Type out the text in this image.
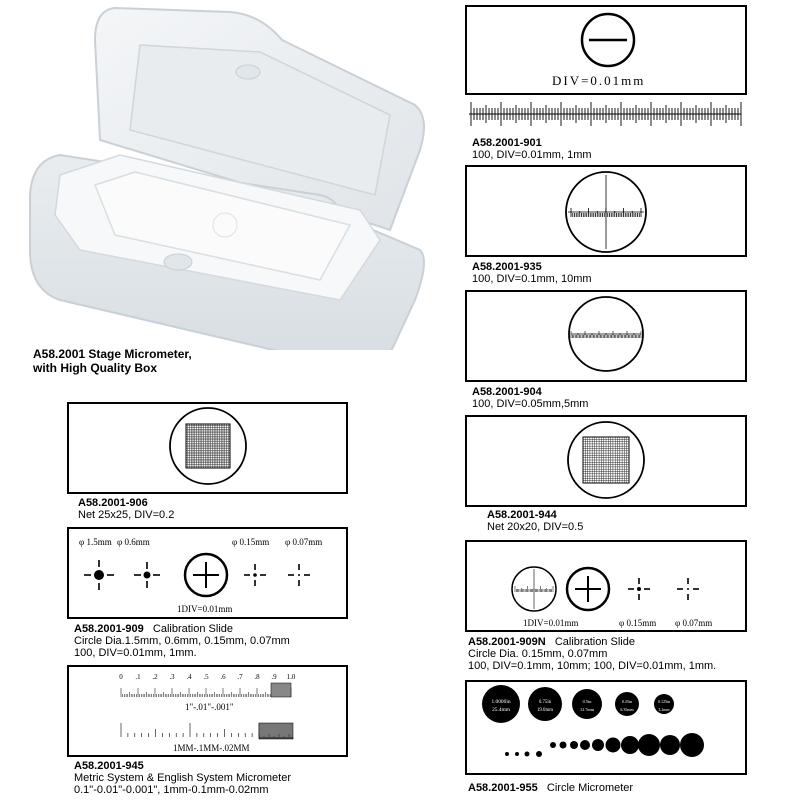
A58.2001 Stage Micrometer,
with High Quality Box
DIV=0.01mm
A58.2001-901
100, DIV=0.01mm, 1mm
A58.2001-935
100, DIV=0.1mm, 10mm
A58.2001-904
100, DIV=0.05mm,5mm
A58.2001-944
Net 20x20, DIV=0.5
1DIV=0.01mm	φ 0.15mm φ 0.07mm
A58.2001-909N Calibration Slide
Circle Dia. 0.15mm, 0.07mm
100, DIV=0.1mm, 10mm; 100, DIV=0.01mm, 1mm.
1.0000in
25.4mm
0.75in
19.0mm
0.5in
12.7mm
0.25in
6.35mm
0.125in
3.2mm
A58.2001-955 Circle Micrometer
A58.2001-906
Net 25x25, DIV=0.2
φ 1.5mm φ 0.6mm	φ 0.15mm φ 0.07mm
1DIV=0.01mm
A58.2001-909 Calibration Slide
Circle Dia.1.5mm, 0.6mm, 0.15mm, 0.07mm
100, DIV=0.01mm, 1mm.
0 .1 .2 .3 .4 .5 .6 .7 .8 .9 1.0
1"-.01"-.001"
1MM-.1MM-.02MM
A58.2001-945
Metric System & English System Micrometer
0.1"-0.01"-0.001", 1mm-0.1mm-0.02mm
